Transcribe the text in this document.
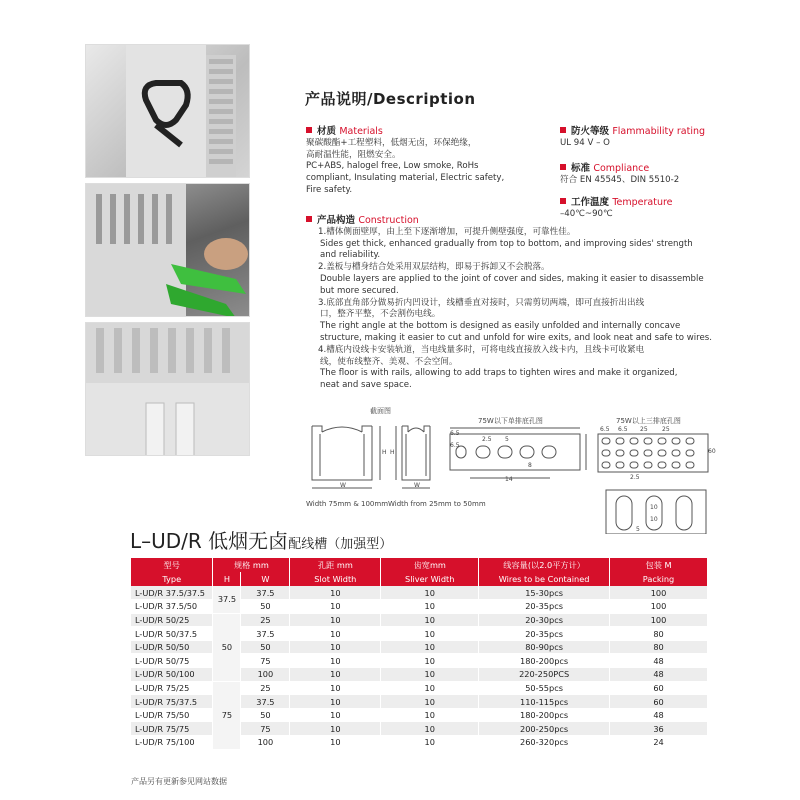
产品说明/Description
材质 Materials
聚碳酸酯+工程塑料，低烟无卤，环保绝缘，
高耐温性能，阻燃安全。
PC+ABS, halogel free, Low smoke, RoHs
compliant, Insulating material, Electric safety,
Fire safety.
防火等级 Flammability rating
UL 94 V – O
标准 Compliance
符合 EN 45545、DIN 5510-2
工作温度 Temperature
–40℃~90℃
产品构造 Construction

1.槽体侧面壁厚，由上至下逐渐增加，可提升侧壁强度，可靠性佳。

Sides get thick, enhanced gradually from top to bottom, and improving sides' strength

and reliability.

2.盖板与槽身结合处采用双层结构，即易于拆卸又不会脱落。

Double layers are applied to the joint of cover and sides, making it easier to disassemble

but more secured.

3.底部直角部分做易折内凹设计，线槽垂直对接时，只需剪切两端，即可直接折出出线

口，整齐平整，不会割伤电线。

The right angle at the bottom is designed as easily unfolded and internally concave

structure, making it easier to cut and unfold for wire exits, and look neat and safe to wires.

4.槽底内设线卡安装轨道，当电线量多时，可将电线直接放入线卡内，且线卡可收紧电

线，使布线整齐、美观、不会空间。

The floor is with rails, allowing to add traps to tighten wires and make it organized,

neat and save space.

截面图
Width 75mm & 100mm Width from 25mm to 50mm
75W以下单排底孔图	75W以上三排底孔图
6.5
6.5
2.5 5
14
8
6.5 6.5 25 25
60
2.5
10
10
5
H
W	W
H
L–UD/R 低烟无卤配线槽（加强型）
型号	规格 mm		孔距 mm	齿宽mm	线容量(以2.0平方计）	包装 M
Type	H	W	Slot Width	Sliver Width	Wires to be Contained	Packing
L-UD/R 37.5/37.5	37.5	37.5	10	10	15-30pcs	100
L-UD/R 37.5/50		50	10	10	20-35pcs	100
L-UD/R 50/25	50	25	10	10	20-30pcs	100
L-UD/R 50/37.5		37.5	10	10	20-35pcs	80
L-UD/R 50/50		50	10	10	80-90pcs	80
L-UD/R 50/75		75	10	10	180-200pcs	48
L-UD/R 50/100		100	10	10	220-250PCS	48
L-UD/R 75/25	75	25	10	10	50-55pcs	60
L-UD/R 75/37.5		37.5	10	10	110-115pcs	60
L-UD/R 75/50		50	10	10	180-200pcs	48
L-UD/R 75/75		75	10	10	200-250pcs	36
L-UD/R 75/100		100	10	10	260-320pcs	24
产品另有更新参见网站数据
